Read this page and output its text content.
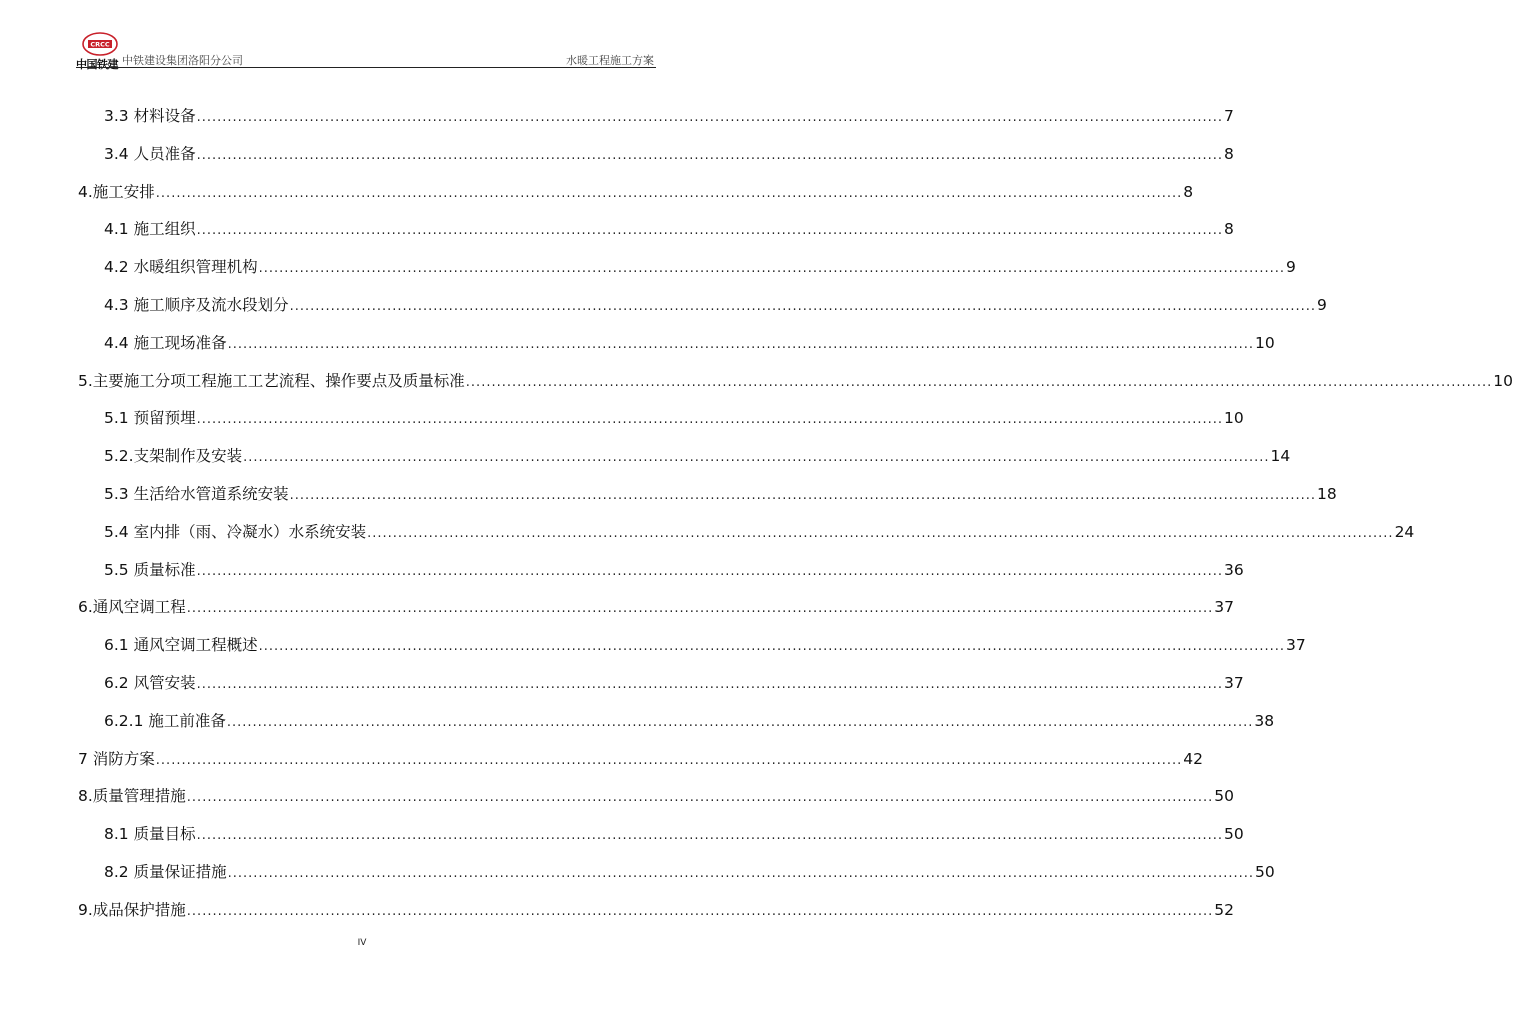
CRCC
中国铁建 中铁建设集团洛阳分公司	水暖工程施工方案
3.3 材料设备 ........................................................................................................................................................................................................ 7
3.4 人员准备 ........................................................................................................................................................................................................ 8
4.施工安排 ........................................................................................................................................................................................................ 8
4.1 施工组织 ........................................................................................................................................................................................................ 8
4.2 水暖组织管理机构 ........................................................................................................................................................................................................ 9
4.3 施工顺序及流水段划分 ........................................................................................................................................................................................................ 9
4.4 施工现场准备 ........................................................................................................................................................................................................ 10
5.主要施工分项工程施工工艺流程、操作要点及质量标准 ........................................................................................................................................................................................................ 10
5.1 预留预埋 ........................................................................................................................................................................................................ 10
5.2.支架制作及安装 ........................................................................................................................................................................................................ 14
5.3 生活给水管道系统安装 ........................................................................................................................................................................................................ 18
5.4 室内排（雨、冷凝水）水系统安装 ........................................................................................................................................................................................................ 24
5.5 质量标准 ........................................................................................................................................................................................................ 36
6.通风空调工程 ........................................................................................................................................................................................................ 37
6.1 通风空调工程概述 ........................................................................................................................................................................................................ 37
6.2 风管安装 ........................................................................................................................................................................................................ 37
6.2.1 施工前准备 ........................................................................................................................................................................................................ 38
7 消防方案 ........................................................................................................................................................................................................ 42
8.质量管理措施 ........................................................................................................................................................................................................ 50
8.1 质量目标 ........................................................................................................................................................................................................ 50
8.2 质量保证措施 ........................................................................................................................................................................................................ 50
9.成品保护措施 ........................................................................................................................................................................................................ 52
IV
